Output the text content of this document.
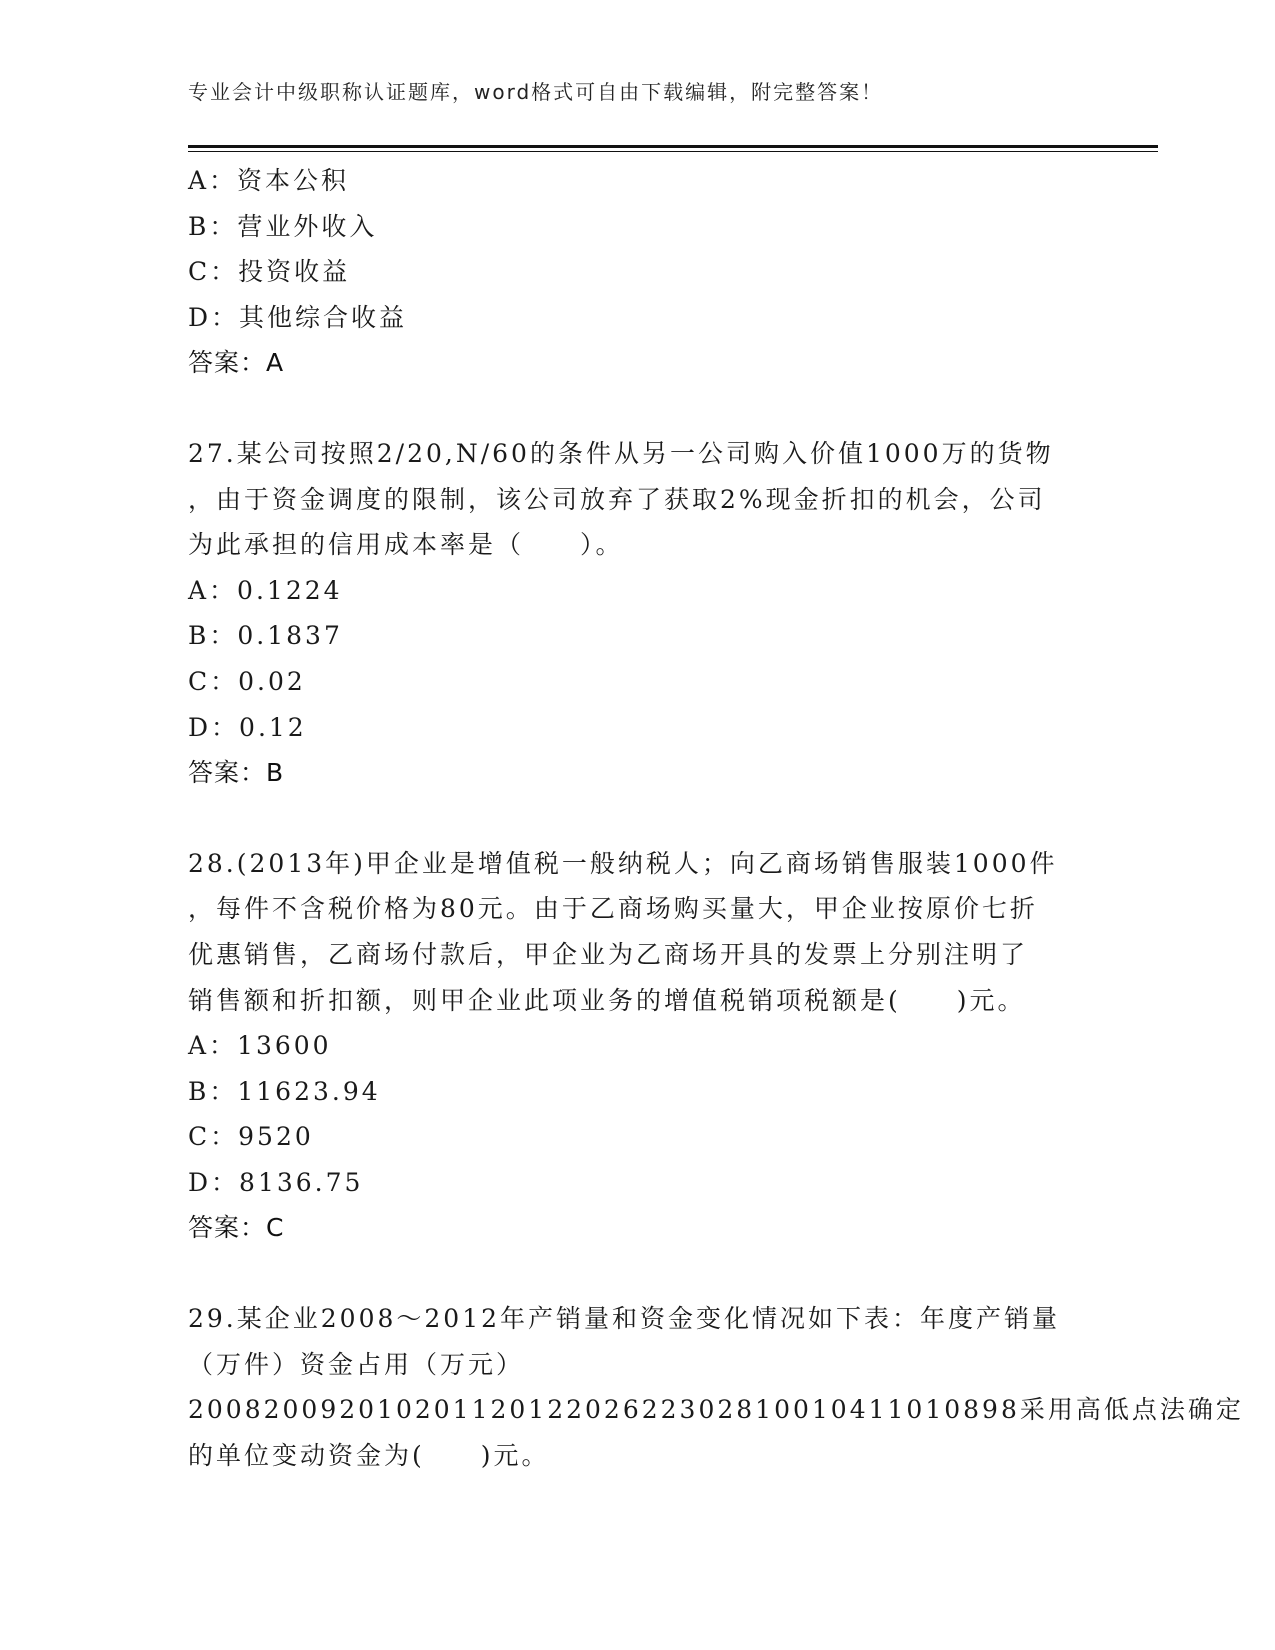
专业会计中级职称认证题库，word格式可自由下载编辑，附完整答案！
A：资本公积
B：营业外收入
C：投资收益
D：其他综合收益
答案：A
27.某公司按照2/20,N/60的条件从另一公司购入价值1000万的货物
，由于资金调度的限制，该公司放弃了获取2%现金折扣的机会，公司
为此承担的信用成本率是（　　）。
A：0.1224
B：0.1837
C：0.02
D：0.12
答案：B
28.(2013年)甲企业是增值税一般纳税人；向乙商场销售服装1000件
，每件不含税价格为80元。由于乙商场购买量大，甲企业按原价七折
优惠销售，乙商场付款后，甲企业为乙商场开具的发票上分别注明了
销售额和折扣额，则甲企业此项业务的增值税销项税额是(　　)元。
A：13600
B：11623.94
C：9520
D：8136.75
答案：C
29.某企业2008～2012年产销量和资金变化情况如下表：年度产销量
（万件）资金占用（万元）
20082009201020112012202622302810010411010898采用高低点法确定
的单位变动资金为(　　)元。
